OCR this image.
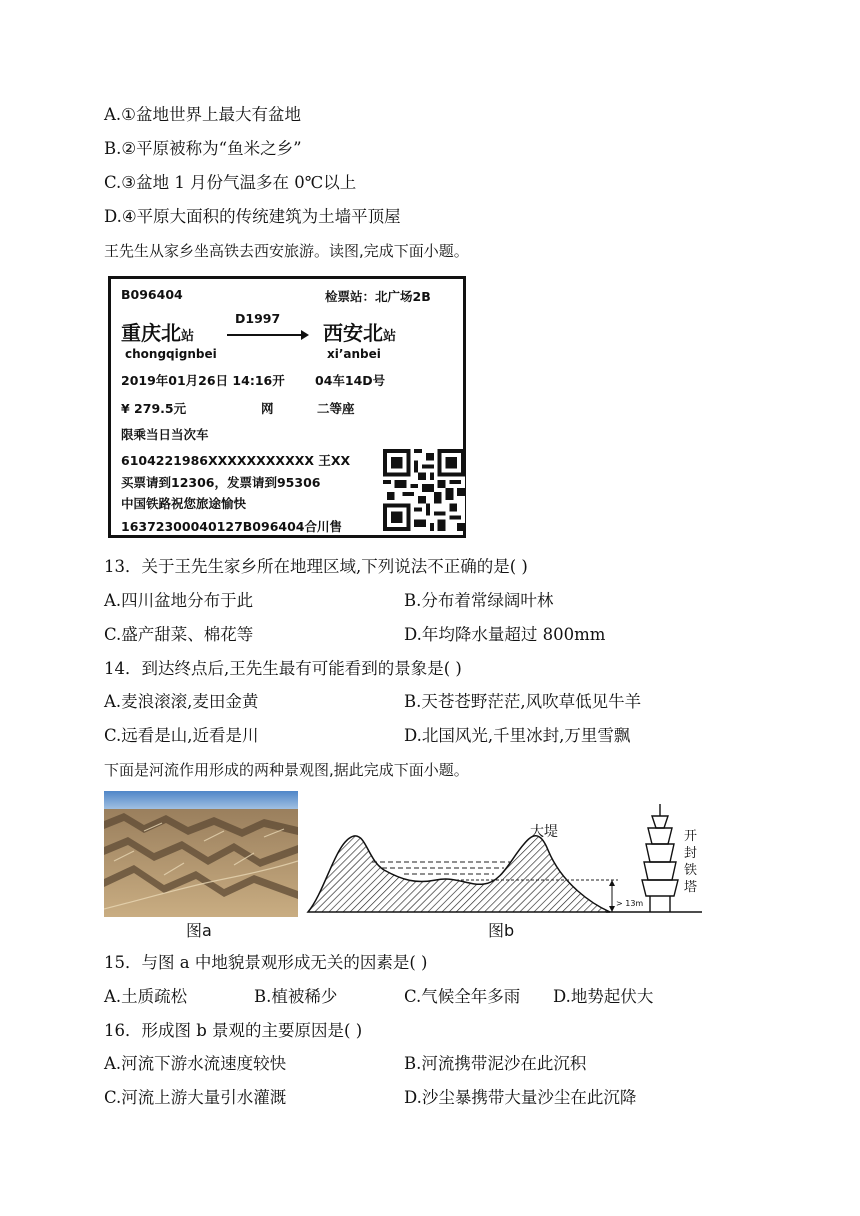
A.①盆地世界上最大有盆地
B.②平原被称为“鱼米之乡”
C.③盆地 1 月份气温多在 0℃以上
D.④平原大面积的传统建筑为土墙平顶屋
王先生从家乡坐高铁去西安旅游。读图,完成下面小题。
B096404	检票站：北广场2B
D1997
重庆北站	西安北站
chongqignbei	xi’anbei
2019年01月26日 14:16开 04车14D号
¥ 279.5元	网	二等座
限乘当日当次车
6104221986XXXXXXXXXXX 王XX
买票请到12306，发票请到95306
中国铁路祝您旅途愉快
16372300040127B096404合川售
13．关于王先生家乡所在地理区域,下列说法不正确的是( )
A.四川盆地分布于此	B.分布着常绿阔叶林
C.盛产甜菜、棉花等	D.年均降水量超过 800mm
14．到达终点后,王先生最有可能看到的景象是( )
A.麦浪滚滚,麦田金黄	B.天苍苍野茫茫,风吹草低见牛羊
C.远看是山,近看是川	D.北国风光,千里冰封,万里雪飘
下面是河流作用形成的两种景观图,据此完成下面小题。
图a
> 13m
大堤	开
封
铁
塔
图b
15．与图 a 中地貌景观形成无关的因素是( )
A.土质疏松	B.植被稀少	C.气候全年多雨 D.地势起伏大
16．形成图 b 景观的主要原因是( )
A.河流下游水流速度较快	B.河流携带泥沙在此沉积
C.河流上游大量引水灌溉	D.沙尘暴携带大量沙尘在此沉降
